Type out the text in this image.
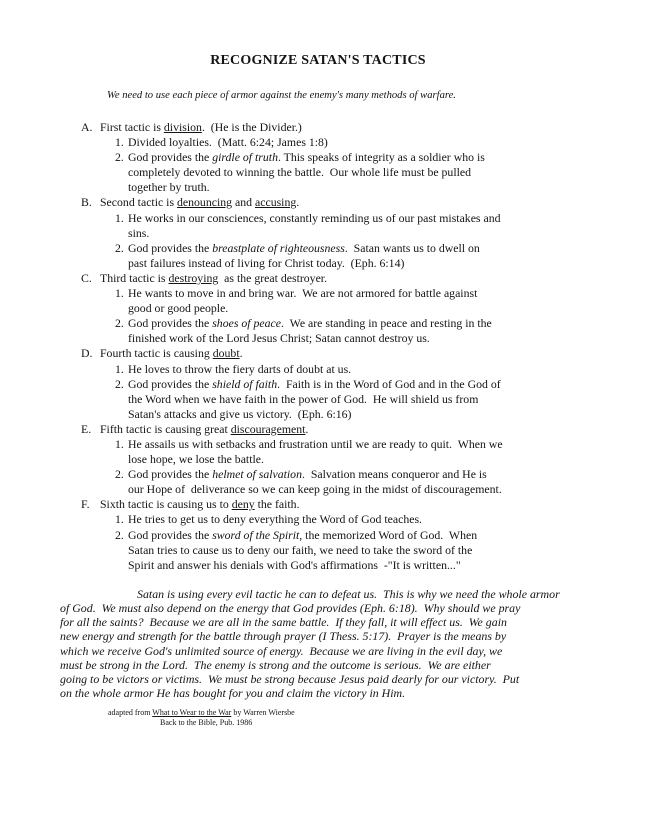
RECOGNIZE SATAN'S TACTICS
We need to use each piece of armor against the enemy's many methods of warfare.
A. First tactic is division.  (He is the Divider.)
1. Divided loyalties.  (Matt. 6:24; James 1:8)
2. God provides the girdle of truth. This speaks of integrity as a soldier who is
completely devoted to winning the battle.  Our whole life must be pulled
together by truth.
B. Second tactic is denouncing and accusing.
1. He works in our consciences, constantly reminding us of our past mistakes and
sins.
2. God provides the breastplate of righteousness.  Satan wants us to dwell on
past failures instead of living for Christ today.  (Eph. 6:14)
C. Third tactic is destroying  as the great destroyer.
1. He wants to move in and bring war.  We are not armored for battle against
good or good people.
2. God provides the shoes of peace.  We are standing in peace and resting in the
finished work of the Lord Jesus Christ; Satan cannot destroy us.
D. Fourth tactic is causing doubt.
1. He loves to throw the fiery darts of doubt at us.
2. God provides the shield of faith.  Faith is in the Word of God and in the God of
the Word when we have faith in the power of God.  He will shield us from
Satan's attacks and give us victory.  (Eph. 6:16)
E. Fifth tactic is causing great discouragement.
1. He assails us with setbacks and frustration until we are ready to quit.  When we
lose hope, we lose the battle.
2. God provides the helmet of salvation.  Salvation means conqueror and He is
our Hope of  deliverance so we can keep going in the midst of discouragement.
F. Sixth tactic is causing us to deny the faith.
1. He tries to get us to deny everything the Word of God teaches.
2. God provides the sword of the Spirit, the memorized Word of God.  When
Satan tries to cause us to deny our faith, we need to take the sword of the
Spirit and answer his denials with God's affirmations  -"It is written..."
Satan is using every evil tactic he can to defeat us.  This is why we need the whole armor
of God.  We must also depend on the energy that God provides (Eph. 6:18).  Why should we pray
for all the saints?  Because we are all in the same battle.  If they fall, it will effect us.  We gain
new energy and strength for the battle through prayer (I Thess. 5:17).  Prayer is the means by
which we receive God's unlimited source of energy.  Because we are living in the evil day, we
must be strong in the Lord.  The enemy is strong and the outcome is serious.  We are either
going to be victors or victims.  We must be strong because Jesus paid dearly for our victory.  Put
on the whole armor He has bought for you and claim the victory in Him.
adapted from What to Wear to the War by Warren Wiersbe
Back to the Bible, Pub. 1986
